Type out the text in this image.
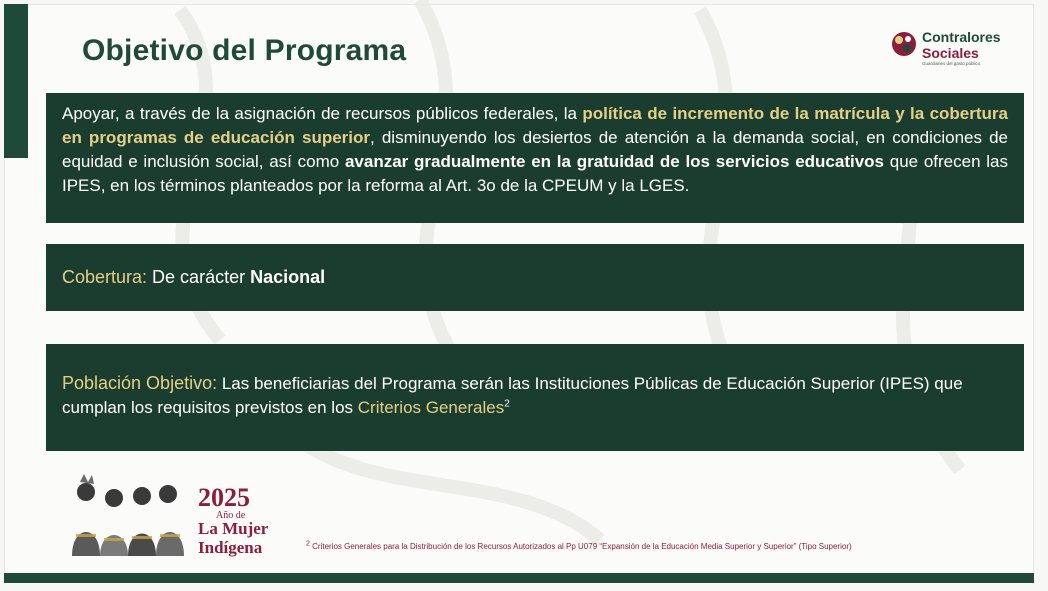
Objetivo del Programa	Contralores
Sociales
Guardianes del gasto público
Apoyar, a través de la asignación de recursos públicos federales, la política de incremento de la matrícula y la cobertura en programas de educación superior, disminuyendo los desiertos de atención a la demanda social, en condiciones de equidad e inclusión social, así como avanzar gradualmente en la gratuidad de los servicios educativos que ofrecen las IPES, en los términos planteados por la reforma al Art. 3o de la CPEUM y la LGES.
Cobertura: De carácter Nacional
Población Objetivo: Las beneficiarias del Programa serán las Instituciones Públicas de Educación Superior (IPES) que cumplan los requisitos previstos en los Criterios Generales$^2$
2025
Año de
La Mujer
Indígena	2 Criterios Generales para la Distribución de los Recursos Autorizados al Pp U079 “Expansión de la Educación Media Superior y Superior” (Tipo Superior)
